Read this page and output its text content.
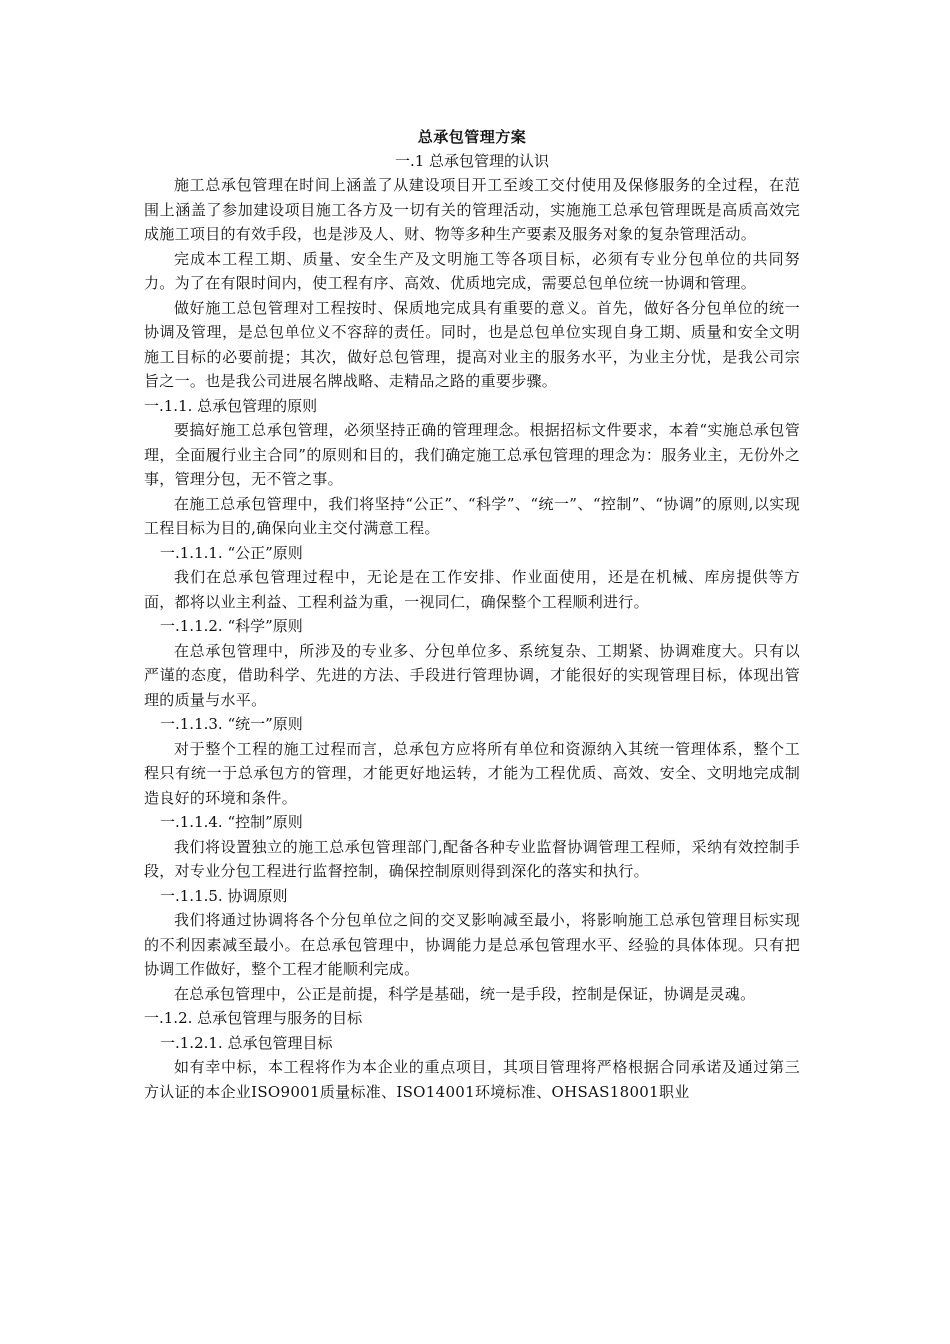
总承包管理方案
一.1 总承包管理的认识

施工总承包管理在时间上涵盖了从建设项目开工至竣工交付使用及保修服务的全过程，在范围上涵盖了参加建设项目施工各方及一切有关的管理活动，实施施工总承包管理既是高质高效完成施工项目的有效手段，也是涉及人、财、物等多种生产要素及服务对象的复杂管理活动。

完成本工程工期、质量、安全生产及文明施工等各项目标，必须有专业分包单位的共同努力。为了在有限时间内，使工程有序、高效、优质地完成，需要总包单位统一协调和管理。

做好施工总包管理对工程按时、保质地完成具有重要的意义。首先，做好各分包单位的统一协调及管理，是总包单位义不容辞的责任。同时，也是总包单位实现自身工期、质量和安全文明施工目标的必要前提；其次，做好总包管理，提高对业主的服务水平，为业主分忧，是我公司宗旨之一。也是我公司进展名牌战略、走精品之路的重要步骤。

一.1.1. 总承包管理的原则

要搞好施工总承包管理，必须坚持正确的管理理念。根据招标文件要求，本着“实施总承包管理，全面履行业主合同”的原则和目的，我们确定施工总承包管理的理念为：服务业主，无份外之事，管理分包，无不管之事。

在施工总承包管理中，我们将坚持“公正”、“科学”、“统一”、“控制”、“协调”的原则,以实现工程目标为目的,确保向业主交付满意工程。

一.1.1.1. “公正”原则

我们在总承包管理过程中，无论是在工作安排、作业面使用，还是在机械、库房提供等方面，都将以业主利益、工程利益为重，一视同仁，确保整个工程顺利进行。

一.1.1.2. “科学”原则

在总承包管理中，所涉及的专业多、分包单位多、系统复杂、工期紧、协调难度大。只有以严谨的态度，借助科学、先进的方法、手段进行管理协调，才能很好的实现管理目标，体现出管理的质量与水平。

一.1.1.3. “统一”原则

对于整个工程的施工过程而言，总承包方应将所有单位和资源纳入其统一管理体系，整个工程只有统一于总承包方的管理，才能更好地运转，才能为工程优质、高效、安全、文明地完成制造良好的环境和条件。

一.1.1.4. “控制”原则

我们将设置独立的施工总承包管理部门,配备各种专业监督协调管理工程师，采纳有效控制手段，对专业分包工程进行监督控制，确保控制原则得到深化的落实和执行。

一.1.1.5. 协调原则

我们将通过协调将各个分包单位之间的交叉影响减至最小，将影响施工总承包管理目标实现的不利因素减至最小。在总承包管理中，协调能力是总承包管理水平、经验的具体体现。只有把协调工作做好，整个工程才能顺利完成。

在总承包管理中，公正是前提，科学是基础，统一是手段，控制是保证，协调是灵魂。

一.1.2. 总承包管理与服务的目标
一.1.2.1. 总承包管理目标

如有幸中标，本工程将作为本企业的重点项目，其项目管理将严格根据合同承诺及通过第三方认证的本企业ISO9001质量标准、ISO14001环境标准、OHSAS18001职业
